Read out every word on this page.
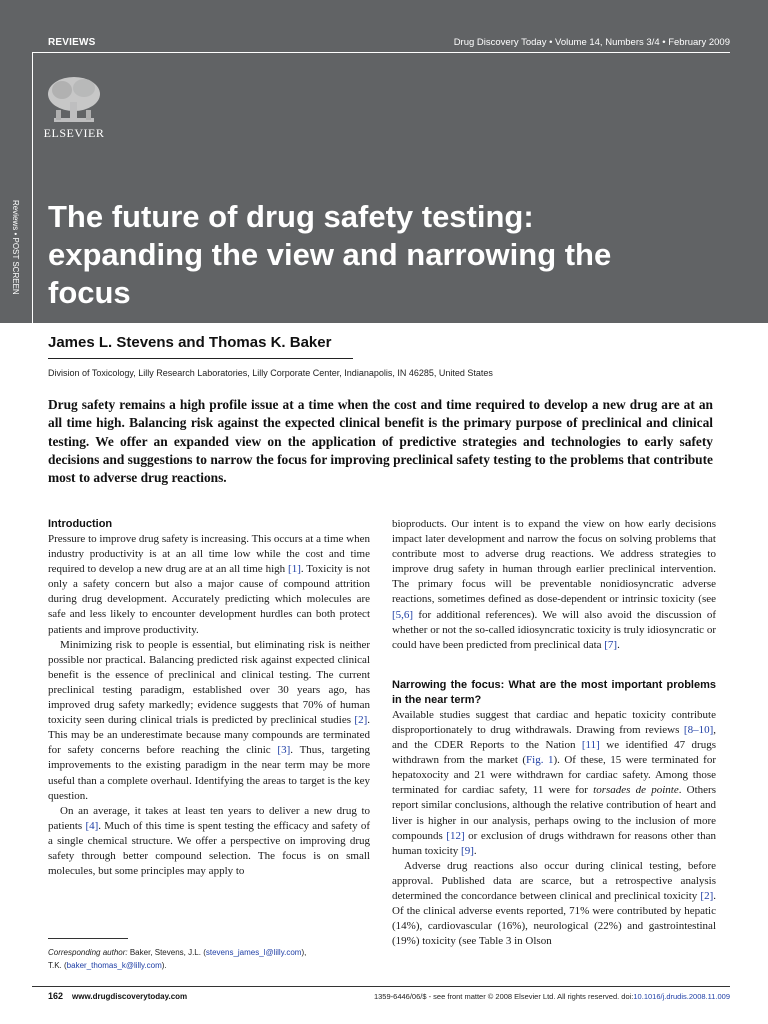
REVIEWS	Drug Discovery Today • Volume 14, Numbers 3/4 • February 2009
ELSEVIER
Reviews • POST SCREEN The future of drug safety testing: expanding the view and narrowing the focus
James L. Stevens and Thomas K. Baker
Division of Toxicology, Lilly Research Laboratories, Lilly Corporate Center, Indianapolis, IN 46285, United States

Drug safety remains a high profile issue at a time when the cost and time required to develop a new drug are at an all time high. Balancing risk against the expected clinical benefit is the primary purpose of preclinical and clinical testing. We offer an expanded view on the application of predictive strategies and technologies to early safety decisions and suggestions to narrow the focus for improving preclinical safety testing to the problems that contribute most to adverse drug reactions.

Introduction

Pressure to improve drug safety is increasing. This occurs at a time when industry productivity is at an all time low while the cost and time required to develop a new drug are at an all time high [1]. Toxicity is not only a safety concern but also a major cause of compound attrition during drug development. Accurately predicting which molecules are safe and less likely to encounter development hurdles can both protect patients and improve productivity.

Minimizing risk to people is essential, but eliminating risk is neither possible nor practical. Balancing predicted risk against expected clinical benefit is the essence of preclinical and clinical testing. The current preclinical testing paradigm, established over 30 years ago, has improved drug safety markedly; evidence suggests that 70% of human toxicity seen during clinical trials is predicted by preclinical studies [2]. This may be an underestimate because many compounds are terminated for safety concerns before reaching the clinic [3]. Thus, targeting improvements to the existing paradigm in the near term may be more useful than a complete overhaul. Identifying the areas to target is the key question.

On an average, it takes at least ten years to deliver a new drug to patients [4]. Much of this time is spent testing the efficacy and safety of a single chemical structure. We offer a perspective on improving drug safety through better compound selection. The focus is on small molecules, but some principles may apply to

bioproducts. Our intent is to expand the view on how early decisions impact later development and narrow the focus on solving problems that contribute most to adverse drug reactions. We address strategies to improve drug safety in human through earlier preclinical intervention. The primary focus will be preventable nonidiosyncratic adverse reactions, sometimes defined as dose-dependent or intrinsic toxicity (see [5,6] for additional references). We will also avoid the discussion of whether or not the so-called idiosyncratic toxicity is truly idiosyncratic or could have been predicted from preclinical data [7].

Narrowing the focus: What are the most important problems in the near term?

Available studies suggest that cardiac and hepatic toxicity contribute disproportionately to drug withdrawals. Drawing from reviews [8–10], and the CDER Reports to the Nation [11] we identified 47 drugs withdrawn from the market (Fig. 1). Of these, 15 were terminated for hepatoxocity and 21 were withdrawn for cardiac safety. Among those terminated for cardiac safety, 11 were for torsades de pointe. Others report similar conclusions, although the relative contribution of heart and liver is higher in our analysis, perhaps owing to the inclusion of more compounds [12] or exclusion of drugs withdrawn for reasons other than human toxicity [9].

Adverse drug reactions also occur during clinical testing, before approval. Published data are scarce, but a retrospective analysis determined the concordance between clinical and preclinical toxicity [2]. Of the clinical adverse events reported, 71% were contributed by hepatic (14%), cardiovascular (16%), neurological (22%) and gastrointestinal (19%) toxicity (see Table 3 in Olson

Corresponding author: Baker, Stevens, J.L. (stevens_james_l@lilly.com),
T.K. (baker_thomas_k@lilly.com).
162 www.drugdiscoverytoday.com	1359-6446/06/$ - see front matter © 2008 Elsevier Ltd. All rights reserved. doi:10.1016/j.drudis.2008.11.009
